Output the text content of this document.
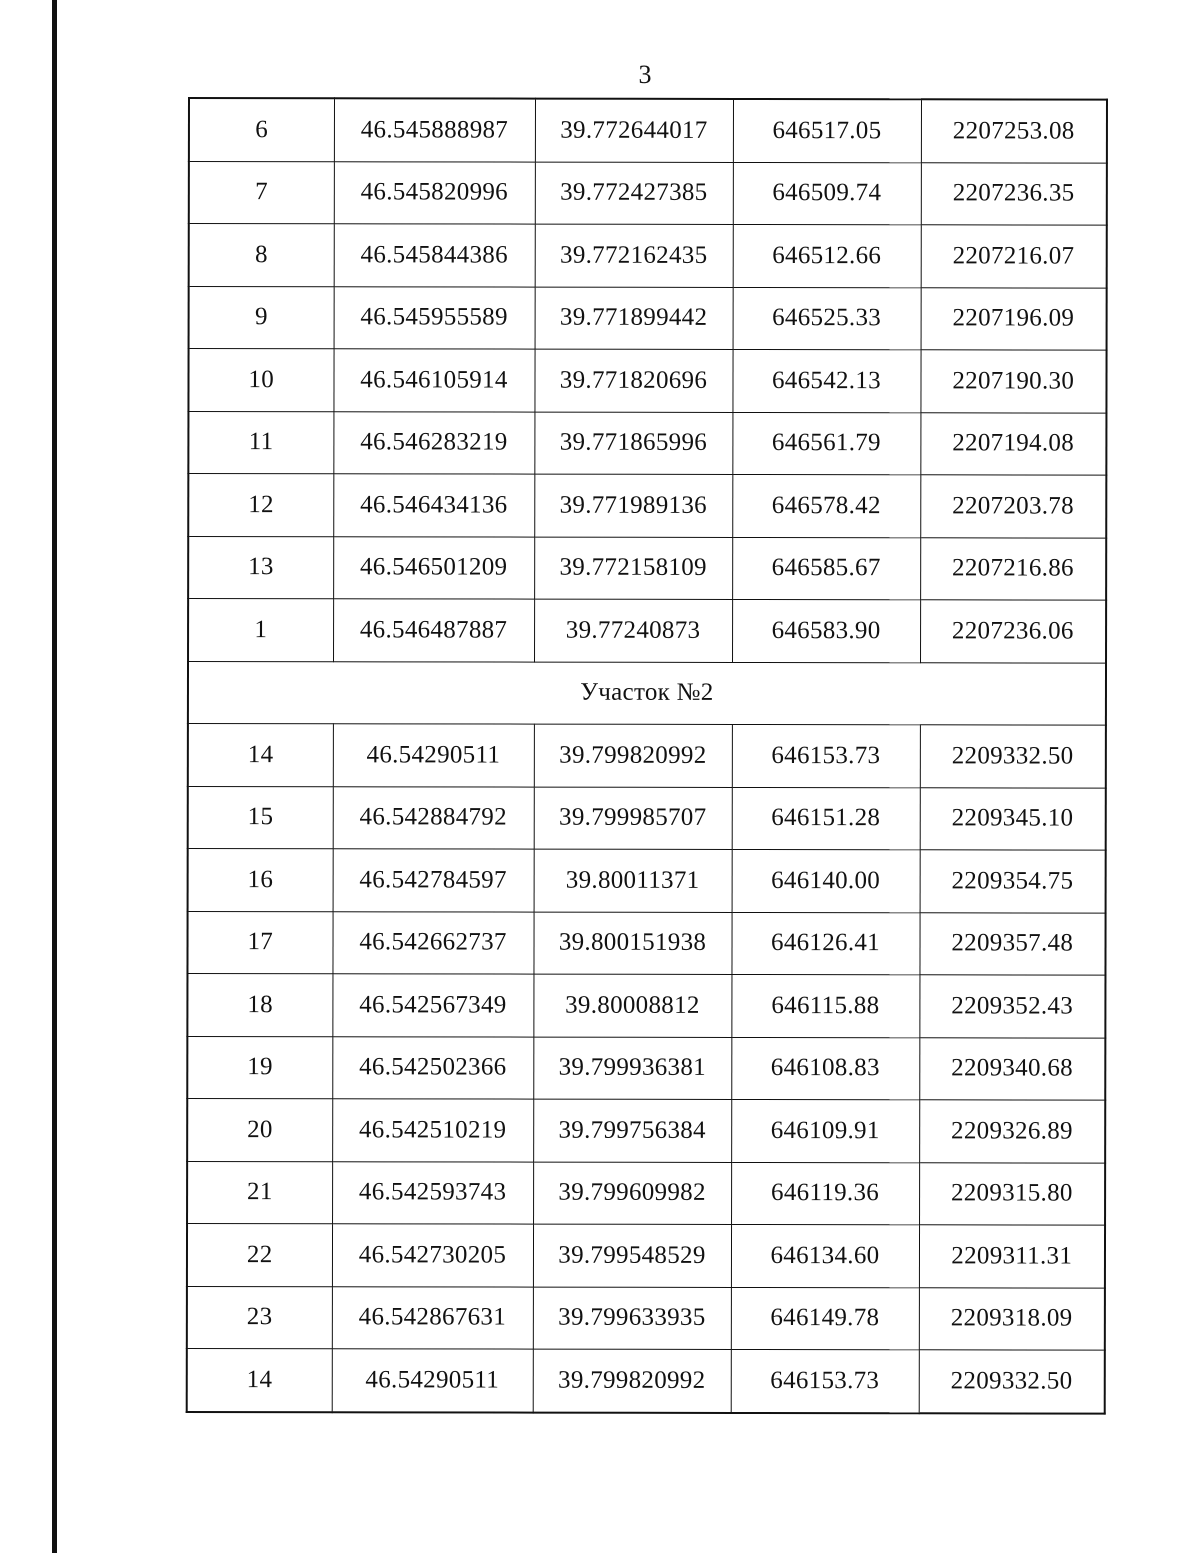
3
6	46.545888987	39.772644017	646517.05	2207253.08
7	46.545820996	39.772427385	646509.74	2207236.35
8	46.545844386	39.772162435	646512.66	2207216.07
9	46.545955589	39.771899442	646525.33	2207196.09
10	46.546105914	39.771820696	646542.13	2207190.30
11	46.546283219	39.771865996	646561.79	2207194.08
12	46.546434136	39.771989136	646578.42	2207203.78
13	46.546501209	39.772158109	646585.67	2207216.86
1	46.546487887	39.77240873	646583.90	2207236.06
Участок №2				
14	46.54290511	39.799820992	646153.73	2209332.50
15	46.542884792	39.799985707	646151.28	2209345.10
16	46.542784597	39.80011371	646140.00	2209354.75
17	46.542662737	39.800151938	646126.41	2209357.48
18	46.542567349	39.80008812	646115.88	2209352.43
19	46.542502366	39.799936381	646108.83	2209340.68
20	46.542510219	39.799756384	646109.91	2209326.89
21	46.542593743	39.799609982	646119.36	2209315.80
22	46.542730205	39.799548529	646134.60	2209311.31
23	46.542867631	39.799633935	646149.78	2209318.09
14	46.54290511	39.799820992	646153.73	2209332.50
